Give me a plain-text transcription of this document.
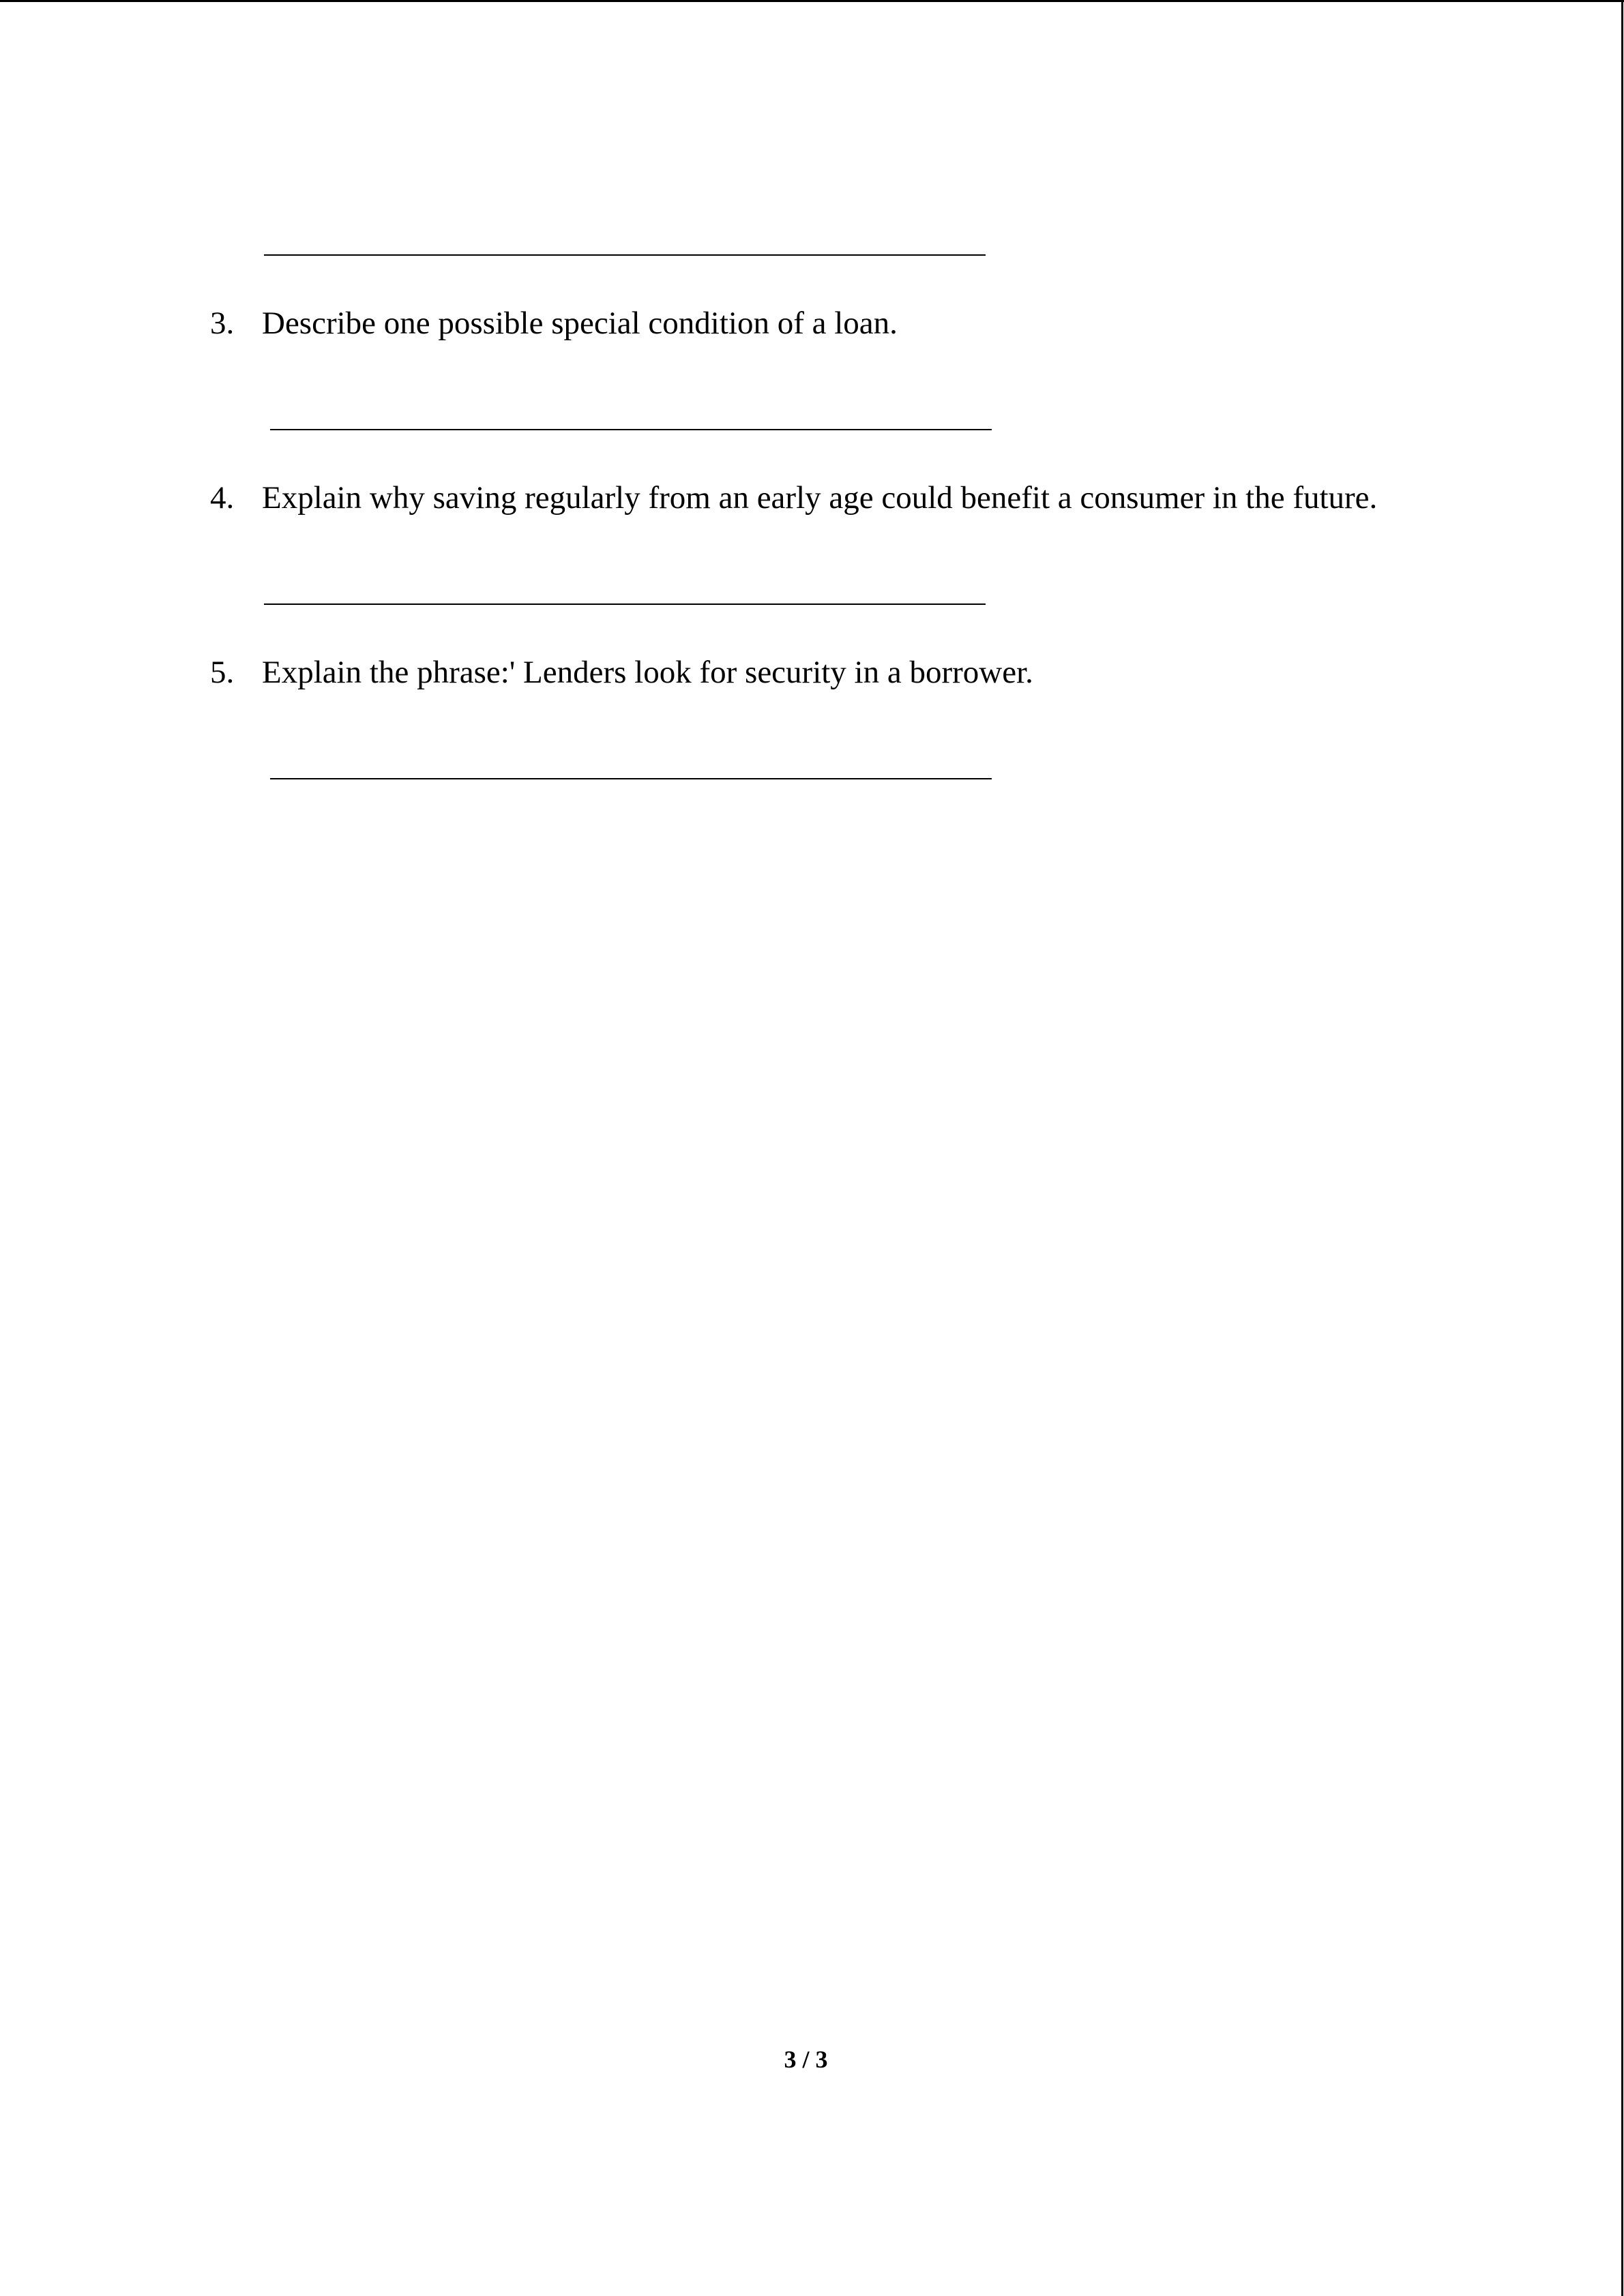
3. Describe one possible special condition of a loan.
4. Explain why saving regularly from an early age could benefit a consumer in the future.
5. Explain the phrase:' Lenders look for security in a borrower.
3 / 3
